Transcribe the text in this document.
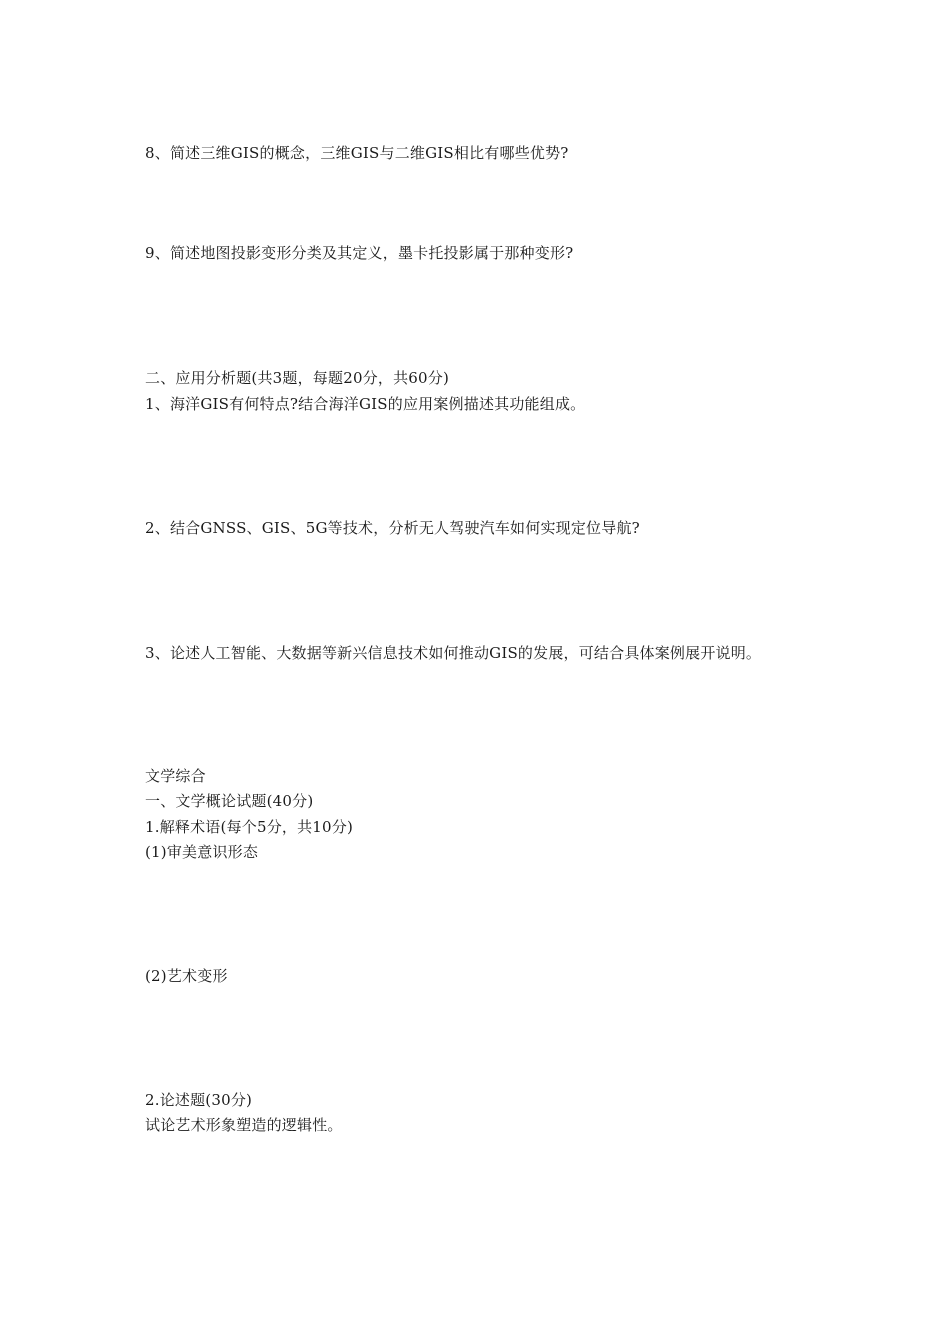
8、简述三维GIS的概念，三维GIS与二维GIS相比有哪些优势?
9、简述地图投影变形分类及其定义，墨卡托投影属于那种变形?
二、应用分析题(共3题，每题20分，共60分)
1、海洋GIS有何特点?结合海洋GIS的应用案例描述其功能组成。
2、结合GNSS、GIS、5G等技术，分析无人驾驶汽车如何实现定位导航?
3、论述人工智能、大数据等新兴信息技术如何推动GIS的发展，可结合具体案例展开说明。
文学综合
一、文学概论试题(40分)
1.解释术语(每个5分，共10分)
(1)审美意识形态
(2)艺术变形
2.论述题(30分)
试论艺术形象塑造的逻辑性。
